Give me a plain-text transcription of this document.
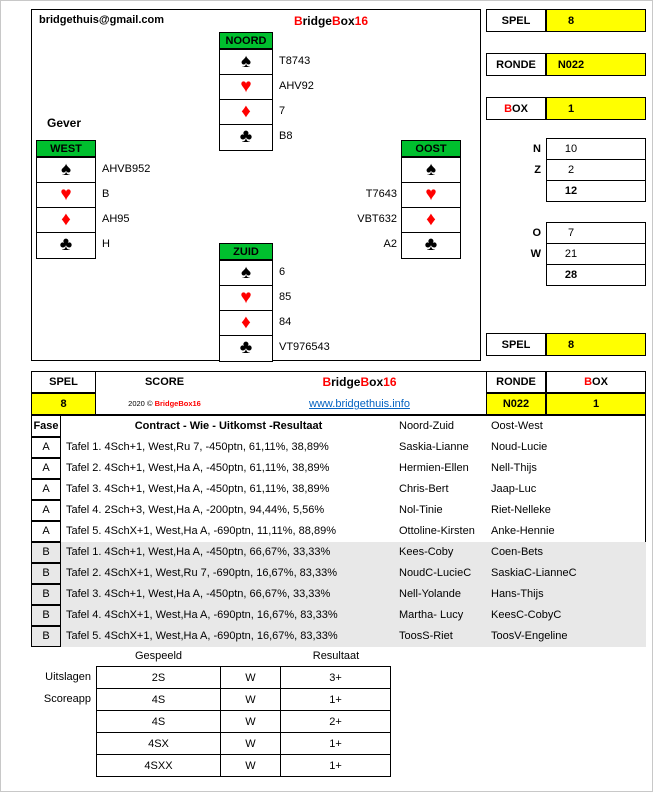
bridgethuis@gmail.com	BridgeBox16
NOORD
♠
♥
♦
♣
T8743
AHV92
7
B8
Gever
WEST
♠
♥
♦
♣
AHVB952
B
AH95
H
OOST
♠
♥
♦
♣
T7643
VBT632
A2
ZUID
♠
♥
♦
♣
6
85
84
VT976543
SPEL	8
RONDE	N022
B OX	1
N	10
Z	2
12
O	7
W	21
28
SPEL	8
SPEL
8
SCORE
2020 © BridgeBox16
BridgeBox16
www.bridgethuis.info
RONDE
N022
B OX
1
Fase	Contract - Wie - Uitkomst -Resultaat	Noord-Zuid	Oost-West
A	Tafel 1. 4Sch+1, West,Ru 7, -450ptn, 61,11%, 38,89%	Saskia-Lianne	Noud-Lucie
A	Tafel 2. 4Sch+1, West,Ha A, -450ptn, 61,11%, 38,89%	Hermien-Ellen	Nell-Thijs
A	Tafel 3. 4Sch+1, West,Ha A, -450ptn, 61,11%, 38,89%	Chris-Bert	Jaap-Luc
A	Tafel 4. 2Sch+3, West,Ha A, -200ptn, 94,44%, 5,56%	Nol-Tinie	Riet-Nelleke
A	Tafel 5. 4SchX+1, West,Ha A, -690ptn, 11,11%, 88,89%	Ottoline-Kirsten	Anke-Hennie
B	Tafel 1. 4Sch+1, West,Ha A, -450ptn, 66,67%, 33,33%	Kees-Coby	Coen-Bets
B	Tafel 2. 4SchX+1, West,Ru 7, -690ptn, 16,67%, 83,33%	NoudC-LucieC	SaskiaC-LianneC
B	Tafel 3. 4Sch+1, West,Ha A, -450ptn, 66,67%, 33,33%	Nell-Yolande	Hans-Thijs
B	Tafel 4. 4SchX+1, West,Ha A, -690ptn, 16,67%, 83,33%	Martha- Lucy	KeesC-CobyC
B	Tafel 5. 4SchX+1, West,Ha A, -690ptn, 16,67%, 83,33%	ToosS-Riet	ToosV-Engeline
Gespeeld	Resultaat
Uitslagen
Scoreapp
2S	W	3+
4S	W	1+
4S	W	2+
4SX	W	1+
4SXX	W	1+
